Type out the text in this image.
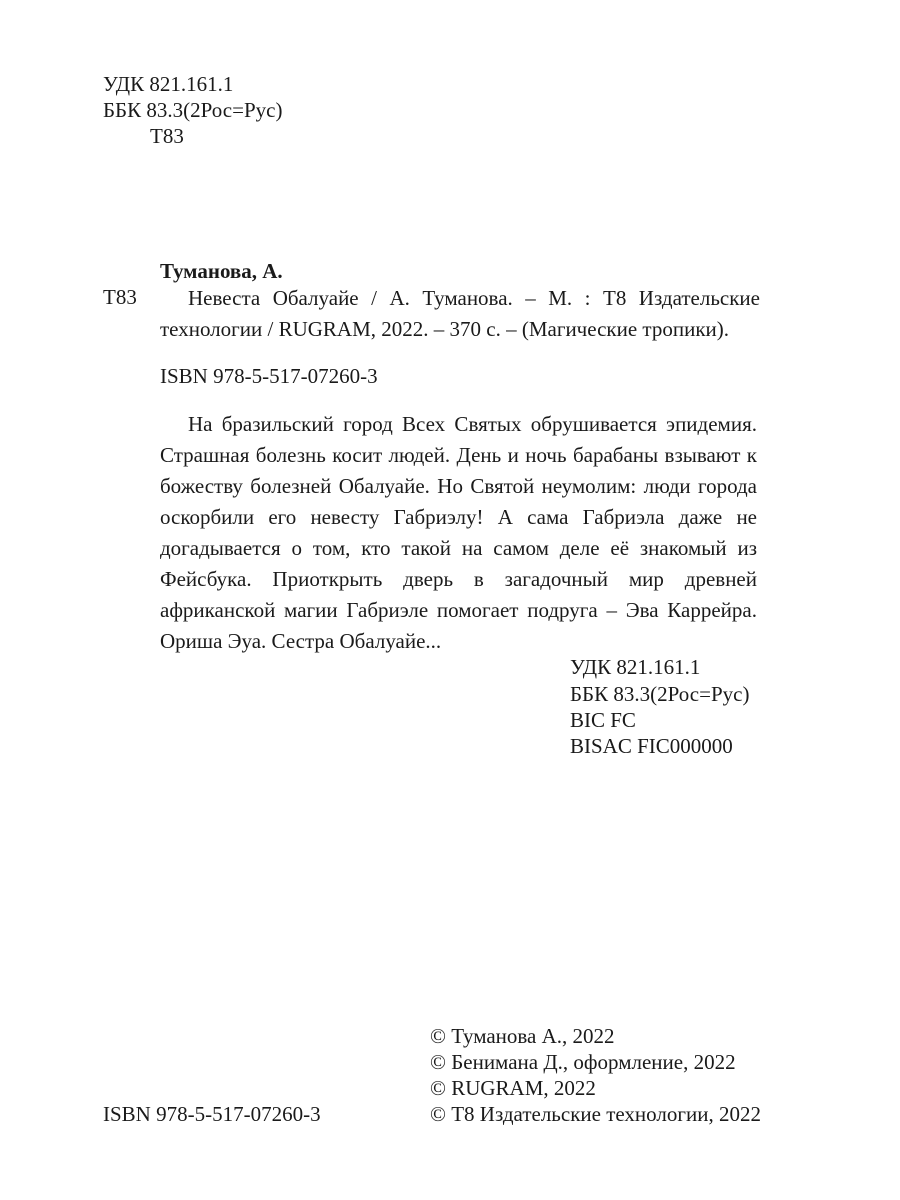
УДК 821.161.1
ББК 83.3(2Рос=Рус)
Т83
Туманова, А.
Т83	Невеста Обалуайе / А. Туманова. – М. : Т8 Издательские технологии / RUGRAM, 2022. – 370 с. – (Магические тропики).
ISBN 978-5-517-07260-3
На бразильский город Всех Святых обрушивается эпидемия. Страшная болезнь косит людей. День и ночь барабаны взывают к божеству болезней Обалуайе. Но Святой неумолим: люди города оскорбили его невесту Габриэлу! А сама Габриэла даже не догадывается о том, кто такой на самом деле её знакомый из Фейсбука. Приоткрыть дверь в загадочный мир древней африканской магии Габриэле помогает подруга – Эва Каррейра. Ориша Эуа. Сестра Обалуайе...
УДК 821.161.1
ББК 83.3(2Рос=Рус)
BIC FC
BISAC FIC000000
© Туманова А., 2022
© Бенимана Д., оформление, 2022
© RUGRAM, 2022
ISBN 978-5-517-07260-3	© Т8 Издательские технологии, 2022
